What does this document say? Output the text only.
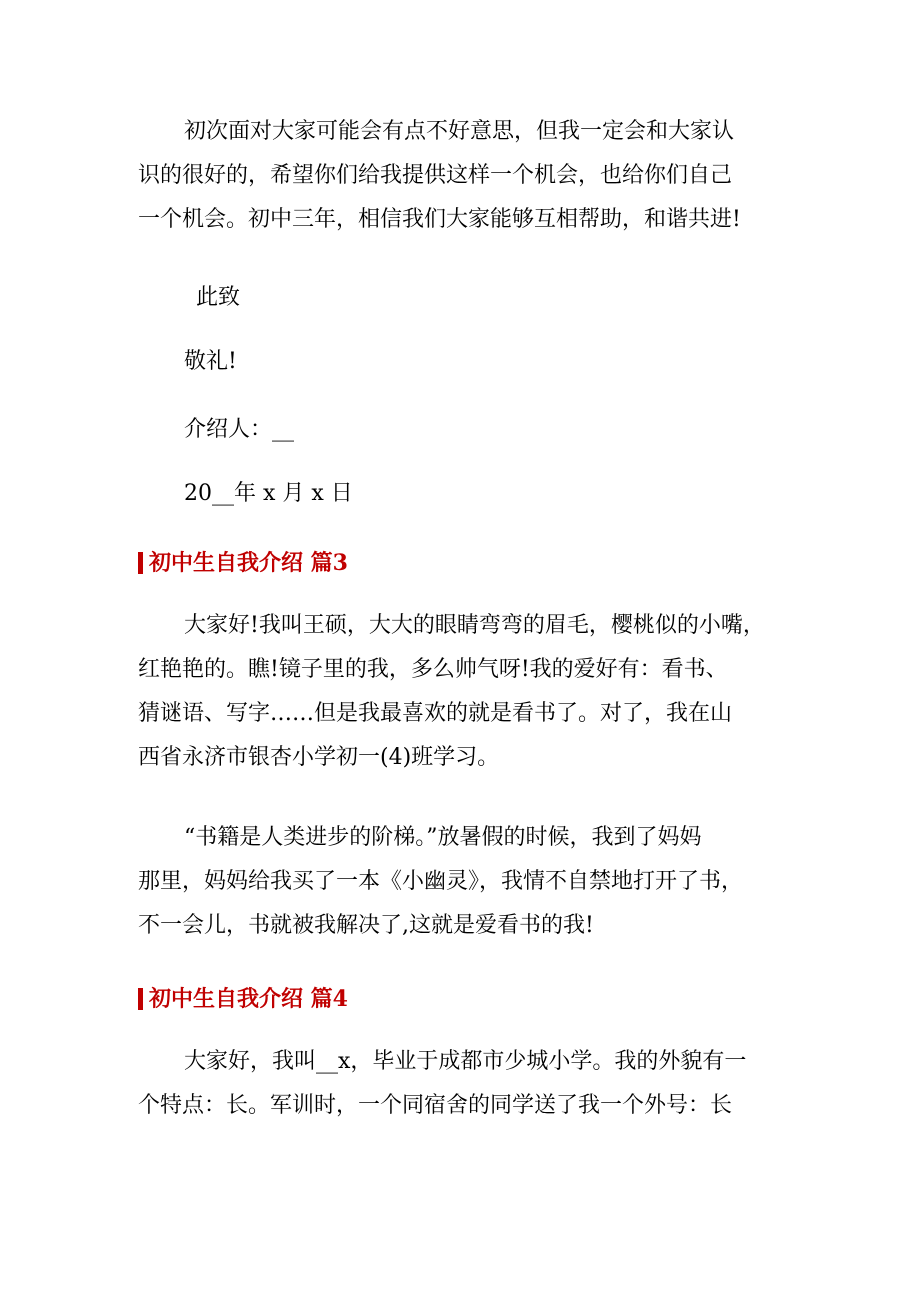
初次面对大家可能会有点不好意思，但我一定会和大家认
识的很好的，希望你们给我提供这样一个机会，也给你们自己
一个机会。初中三年，相信我们大家能够互相帮助，和谐共进!

此致

敬礼!

介绍人：__

20__年 x 月 x 日

初中生自我介绍 篇3

大家好!我叫王硕，大大的眼睛弯弯的眉毛，樱桃似的小嘴，
红艳艳的。瞧!镜子里的我，多么帅气呀!我的爱好有：看书、
猜谜语、写字……但是我最喜欢的就是看书了。对了，我在山
西省永济市银杏小学初一(4)班学习。

“书籍是人类进步的阶梯。”放暑假的时候，我到了妈妈
那里，妈妈给我买了一本《小幽灵》，我情不自禁地打开了书，
不一会儿，书就被我解决了,这就是爱看书的我!

初中生自我介绍 篇4

大家好，我叫__x，毕业于成都市少城小学。我的外貌有一
个特点：长。军训时，一个同宿舍的同学送了我一个外号：长
